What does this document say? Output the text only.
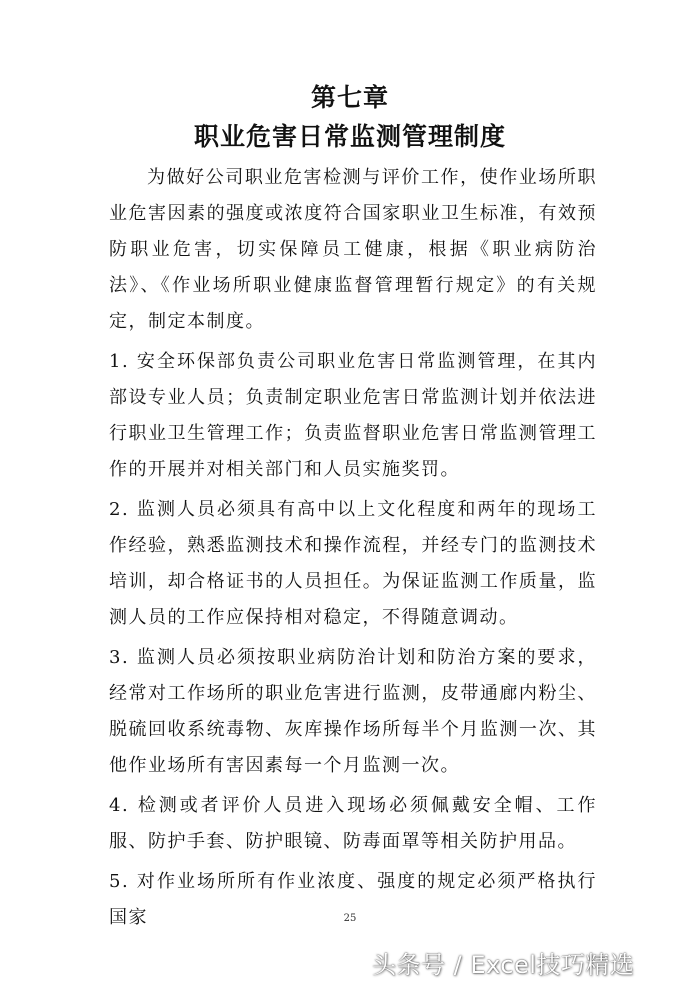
第七章
职业危害日常监测管理制度

为做好公司职业危害检测与评价工作，使作业场所职业危害因素的强度或浓度符合国家职业卫生标准，有效预防职业危害，切实保障员工健康，根据《职业病防治法》、《作业场所职业健康监督管理暂行规定》的有关规定，制定本制度。

1. 安全环保部负责公司职业危害日常监测管理，在其内部设专业人员；负责制定职业危害日常监测计划并依法进行职业卫生管理工作；负责监督职业危害日常监测管理工作的开展并对相关部门和人员实施奖罚。

2. 监测人员必须具有高中以上文化程度和两年的现场工作经验，熟悉监测技术和操作流程，并经专门的监测技术培训，却合格证书的人员担任。为保证监测工作质量，监测人员的工作应保持相对稳定，不得随意调动。

3. 监测人员必须按职业病防治计划和防治方案的要求，经常对工作场所的职业危害进行监测，皮带通廊内粉尘、脱硫回收系统毒物、灰库操作场所每半个月监测一次、其他作业场所有害因素每一个月监测一次。

4. 检测或者评价人员进入现场必须佩戴安全帽、工作服、防护手套、防护眼镜、防毒面罩等相关防护用品。

5. 对作业场所所有作业浓度、强度的规定必须严格执行国家	25
头条号 / Excel技巧精选
